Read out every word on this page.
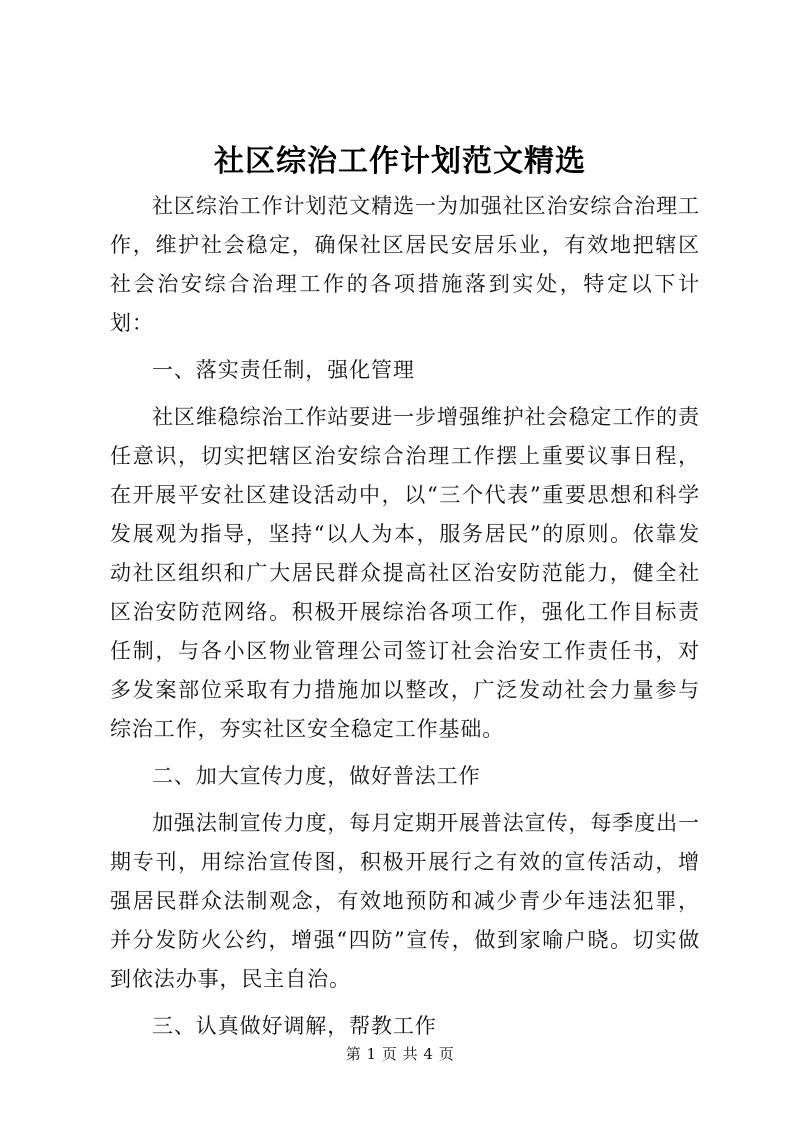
社区综治工作计划范文精选

社区综治工作计划范文精选一为加强社区治安综合治理工作，维护社会稳定，确保社区居民安居乐业，有效地把辖区社会治安综合治理工作的各项措施落到实处，特定以下计划：

一、落实责任制，强化管理

社区维稳综治工作站要进一步增强维护社会稳定工作的责任意识，切实把辖区治安综合治理工作摆上重要议事日程，在开展平安社区建设活动中，以“三个代表”重要思想和科学发展观为指导，坚持“以人为本，服务居民”的原则。依靠发动社区组织和广大居民群众提高社区治安防范能力，健全社区治安防范网络。积极开展综治各项工作，强化工作目标责任制，与各小区物业管理公司签订社会治安工作责任书，对多发案部位采取有力措施加以整改，广泛发动社会力量参与综治工作，夯实社区安全稳定工作基础。

二、加大宣传力度，做好普法工作

加强法制宣传力度，每月定期开展普法宣传，每季度出一期专刊，用综治宣传图，积极开展行之有效的宣传活动，增强居民群众法制观念，有效地预防和减少青少年违法犯罪，并分发防火公约，增强“四防”宣传，做到家喻户晓。切实做到依法办事，民主自治。

三、认真做好调解，帮教工作

第 1 页 共 4 页
